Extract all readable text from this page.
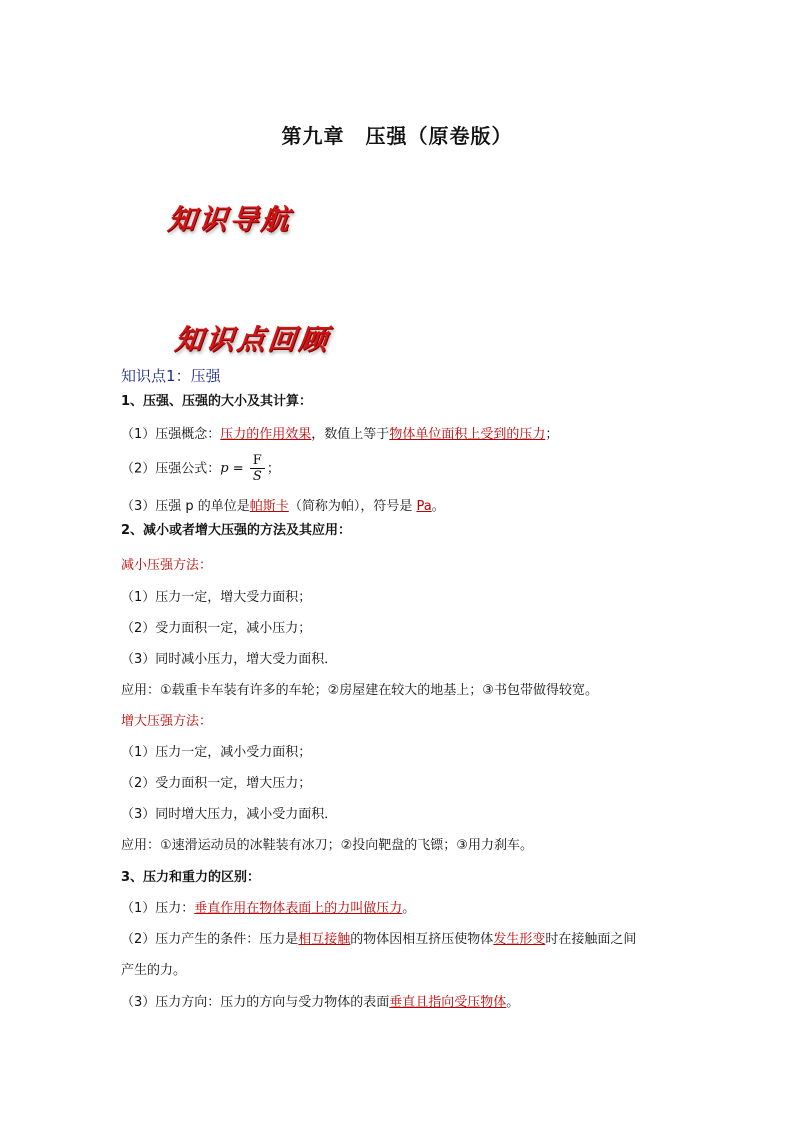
第九章　压强（原卷版）
知识导航
知识点回顾
知识点1：压强
1、压强、压强的大小及其计算：
（1）压强概念：压力的作用效果，数值上等于物体单位面积上受到的压力；
（2）压强公式：$p = \frac{F}{S}$ ；
（3）压强 p 的单位是帕斯卡（简称为帕），符号是 Pa。
2、减小或者增大压强的方法及其应用：
减小压强方法：
（1）压力一定，增大受力面积；
（2）受力面积一定，减小压力；
（3）同时减小压力，增大受力面积．
应用：①载重卡车装有许多的车轮；②房屋建在较大的地基上；③书包带做得较宽。
增大压强方法：
（1）压力一定，减小受力面积；
（2）受力面积一定，增大压力；
（3）同时增大压力，减小受力面积．
应用：①速滑运动员的冰鞋装有冰刀；②投向靶盘的飞镖；③用力刹车。
3、压力和重力的区别：
（1）压力：垂直作用在物体表面上的力叫做压力。
（2）压力产生的条件：压力是相互接触的物体因相互挤压使物体发生形变时在接触面之间
产生的力。
（3）压力方向：压力的方向与受力物体的表面垂直且指向受压物体。
